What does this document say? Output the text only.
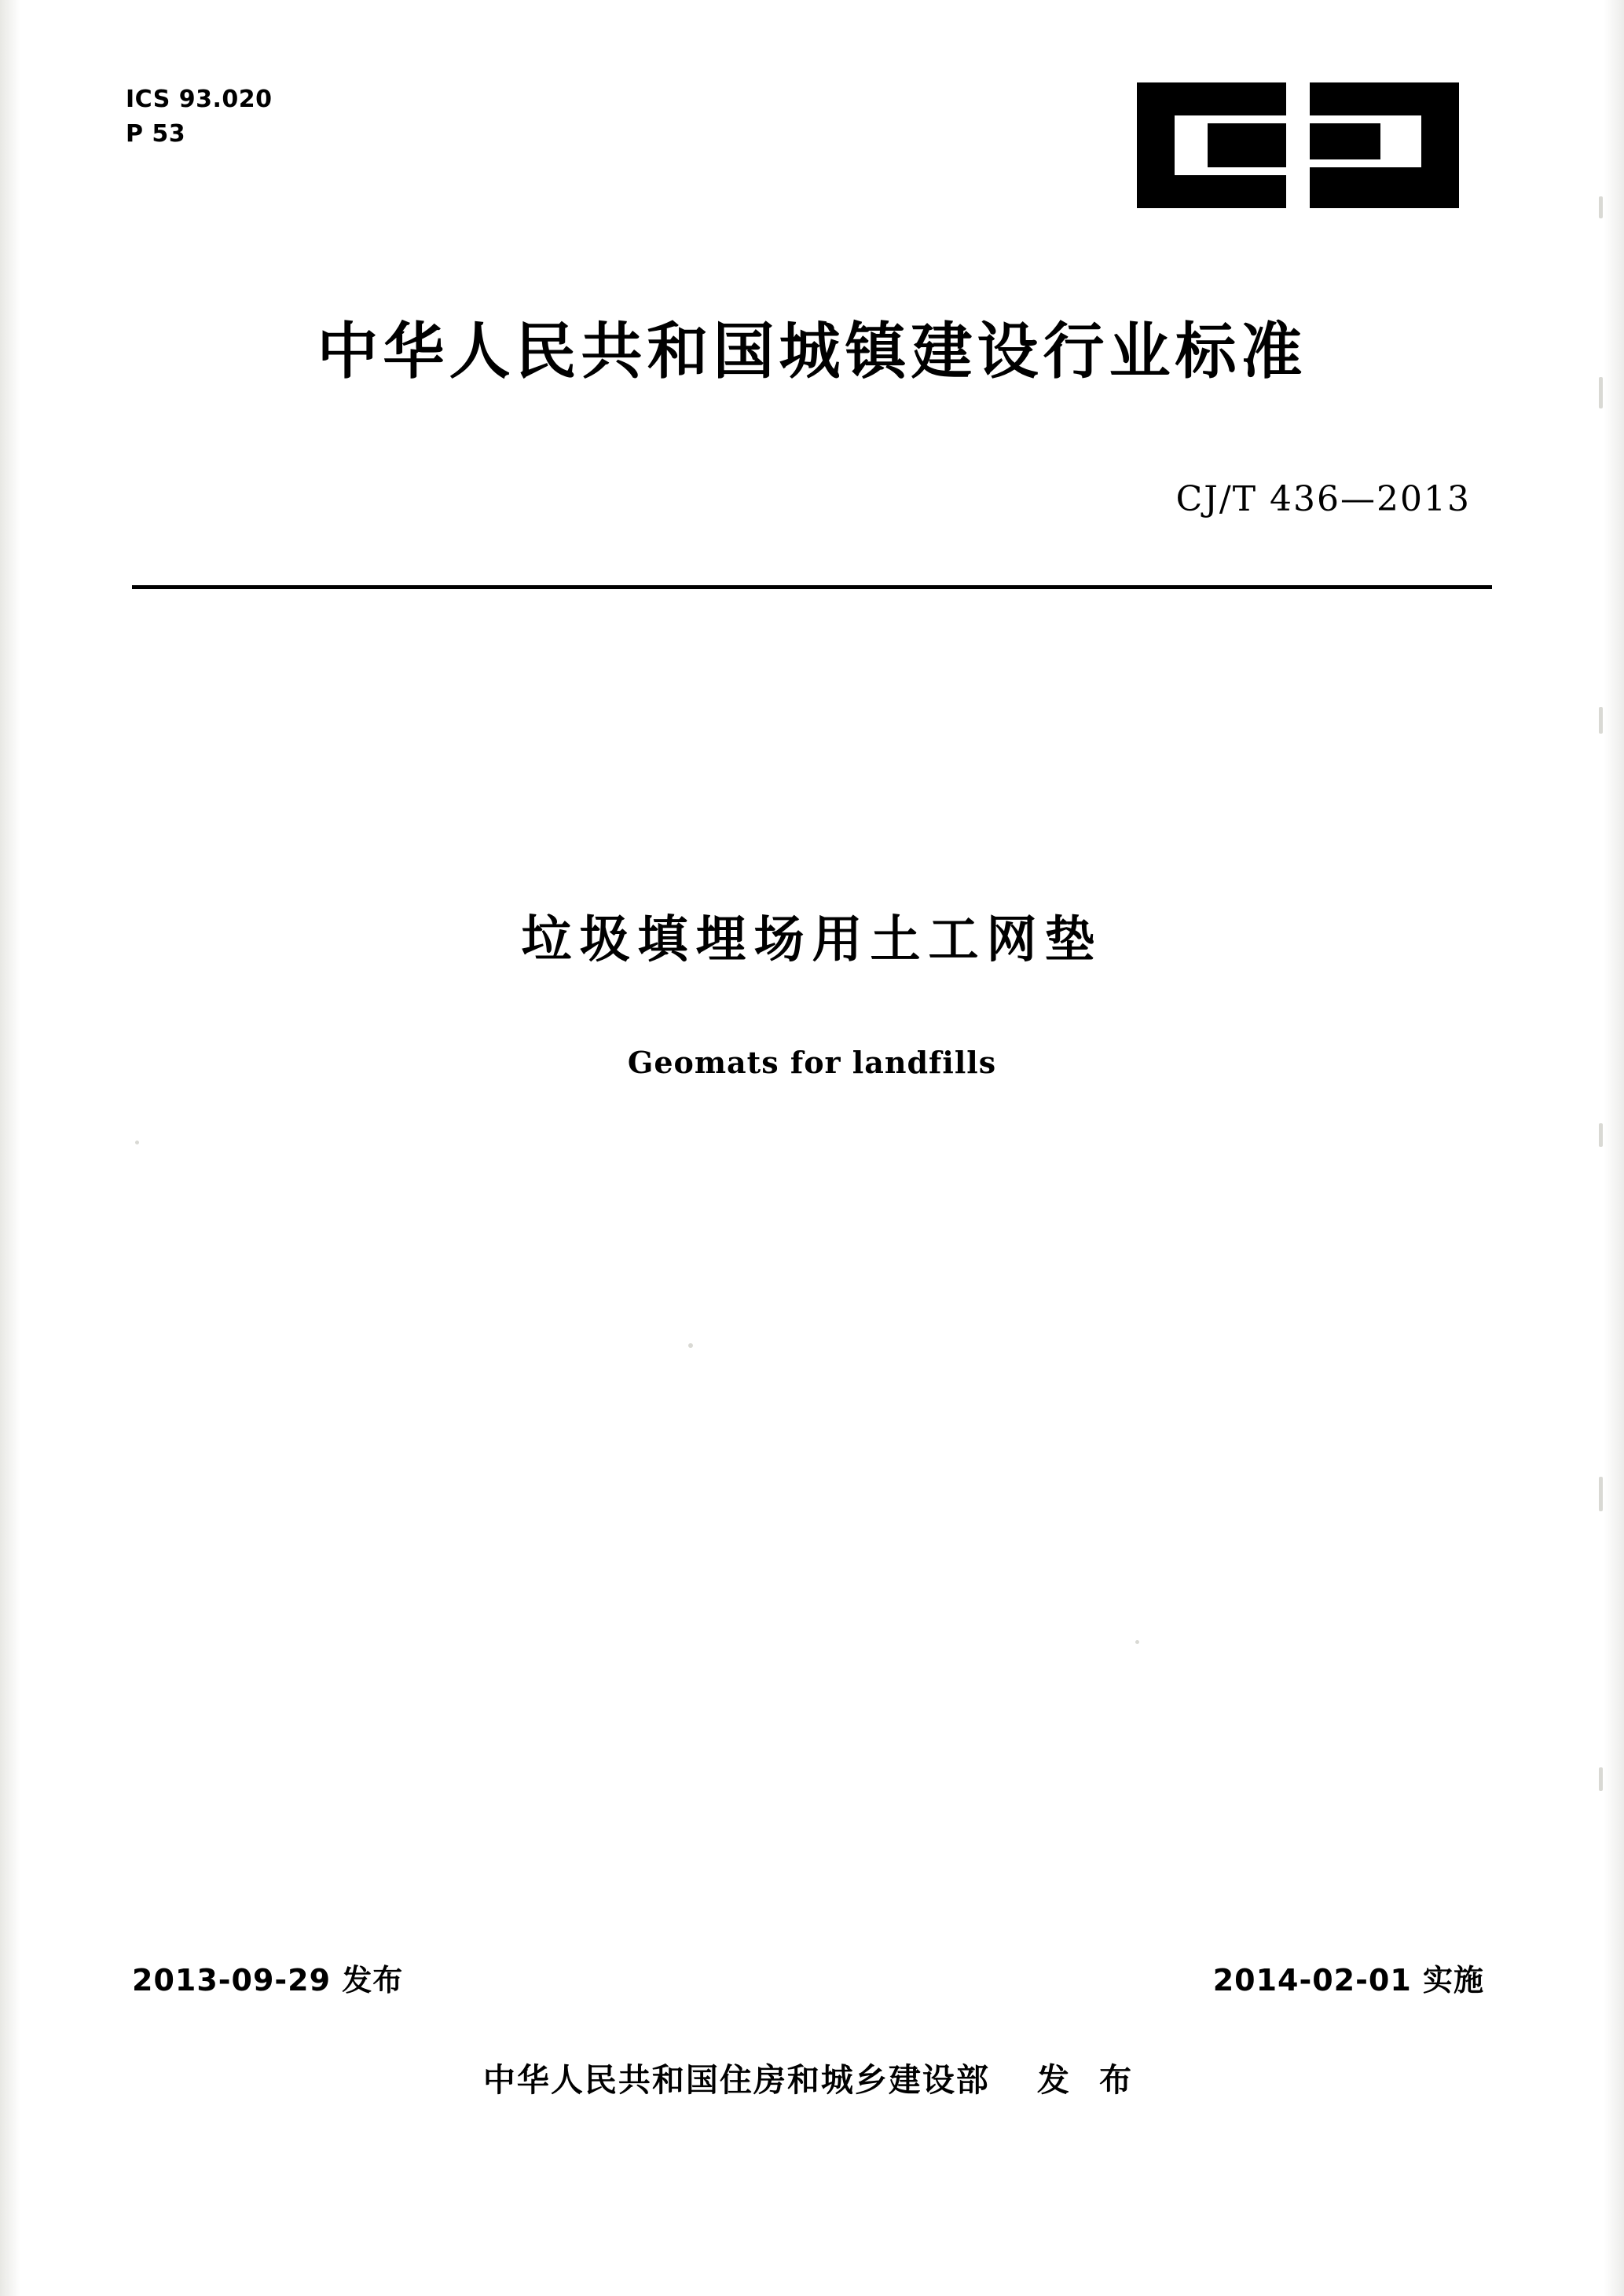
ICS 93.020
P 53
中华人民共和国城镇建设行业标准
CJ/T 436—2013
垃圾填埋场用土工网垫
Geomats for landfills
2013-09-29 发布	2014-02-01 实施
中华人民共和国住房和城乡建设部 发 布
